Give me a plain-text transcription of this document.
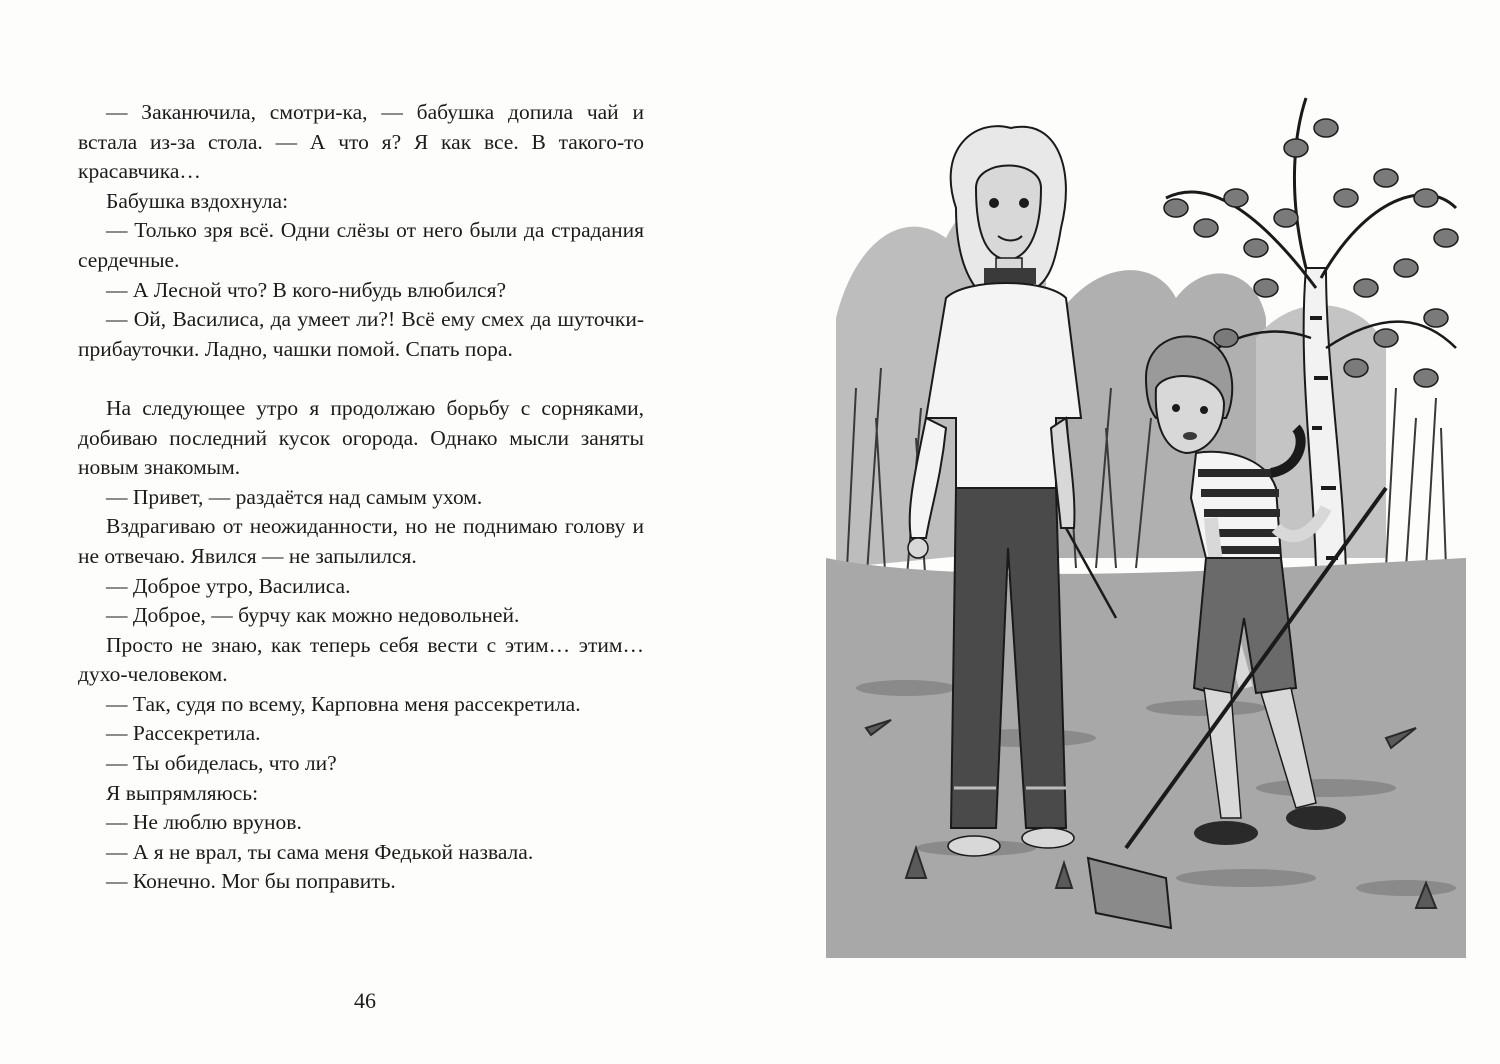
— Заканючила, смотри-ка, — бабушка допила чай и встала из-за стола. — А что я? Я как все. В такого-то красавчика…

Бабушка вздохнула:

— Только зря всё. Одни слёзы от него были да страдания сердечные.

— А Лесной что? В кого-нибудь влюбился?

— Ой, Василиса, да умеет ли?! Всё ему смех да шуточки-прибауточки. Ладно, чашки помой. Спать пора.

На следующее утро я продолжаю борьбу с сорняками, добиваю последний кусок огорода. Однако мысли заняты новым знакомым.

— Привет, — раздаётся над самым ухом.

Вздрагиваю от неожиданности, но не поднимаю голову и не отвечаю. Явился — не запылился.

— Доброе утро, Василиса.

— Доброе, — бурчу как можно недовольней.

Просто не знаю, как теперь себя вести с этим… этим… духо-человеком.

— Так, судя по всему, Карповна меня рассекретила.

— Рассекретила.

— Ты обиделась, что ли?

Я выпрямляюсь:

— Не люблю врунов.

— А я не врал, ты сама меня Федькой назвала.

— Конечно. Мог бы поправить.

46
